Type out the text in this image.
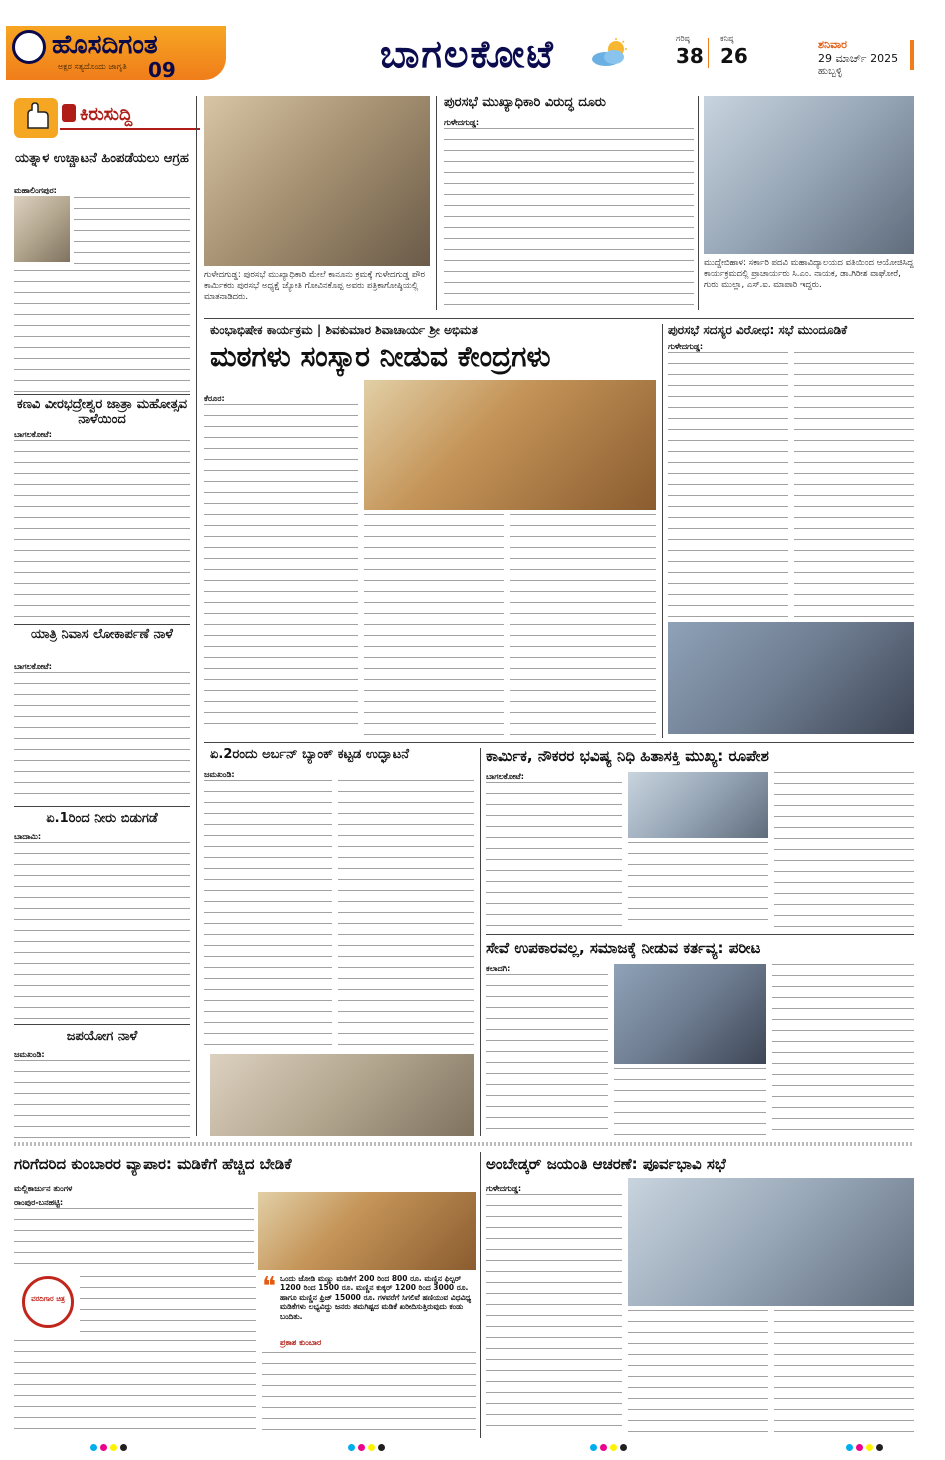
ಹೊಸದಿಗಂತ
ಅಕ್ಷರ ಸತ್ಯದೊಂದು ಜಾಗೃತಿ 09	ಬಾಗಲಕೋಟೆ	ಗರಿಷ್ಠ
38
ಕನಿಷ್ಠ
26	ಶನಿವಾರ
29 ಮಾರ್ಚ್ 2025
ಹುಬ್ಬಳ್ಳಿ
ಕಿರುಸುದ್ದಿ
ಯತ್ನಾಳ ಉಚ್ಚಾಟನೆ ಹಿಂಪಡೆಯಲು ಆಗ್ರಹ
ಮಹಾಲಿಂಗಪುರ:
ಕಣವಿ ವೀರಭದ್ರೇಶ್ವರ ಜಾತ್ರಾ ಮಹೋತ್ಸವ ನಾಳೆಯಿಂದ
ಬಾಗಲಕೋಟೆ:
ಯಾತ್ರಿ ನಿವಾಸ ಲೋಕಾರ್ಪಣೆ ನಾಳೆ
ಬಾಗಲಕೋಟೆ:
ಏ.1ರಿಂದ ನೀರು ಬಿಡುಗಡೆ
ಬಾದಾಮಿ:
ಜಪಯೋಗ ನಾಳೆ
ಜಮಖಂಡಿ:
ಗುಳೇದಗುಡ್ಡ: ಪುರಸಭೆ ಮುಖ್ಯಾಧಿಕಾರಿ ಮೇಲೆ ಕಾನೂನು ಕ್ರಮಕ್ಕೆ ಗುಳೇದಗುಡ್ಡ ಪೌರ ಕಾರ್ಮಿಕರು ಪುರಸಭೆ ಅಧ್ಯಕ್ಷೆ ಜ್ಯೋತಿ ಗೋವಿನಕೊಪ್ಪ ಅವರು ಪತ್ರಿಕಾಗೋಷ್ಠಿಯಲ್ಲಿ ಮಾತನಾಡಿದರು.
ಪುರಸಭೆ ಮುಖ್ಯಾಧಿಕಾರಿ ವಿರುದ್ಧ ದೂರು
ಗುಳೇದಗುಡ್ಡ:
ಮುದ್ದೇಬಿಹಾಳ: ಸರ್ಕಾರಿ ಪದವಿ ಮಹಾವಿದ್ಯಾಲಯದ ವತಿಯಿಂದ ಆಯೋಜಿಸಿದ್ದ ಕಾರ್ಯಕ್ರಮದಲ್ಲಿ ಪ್ರಾಚಾರ್ಯರು ಸಿ.ಎಂ. ನಾಯಕ, ಡಾ.ಗಿರೀಶ ವಾಘೋರೆ, ಗುರು ಮುಲ್ಲಾ, ಎಸ್.ಐ. ಮಾಪಾರಿ ಇದ್ದರು.
ಕುಂಭಾಭಿಷೇಕ ಕಾರ್ಯಕ್ರಮ | ಶಿವಕುಮಾರ ಶಿವಾಚಾರ್ಯ ಶ್ರೀ ಅಭಿಮತ
ಮಠಗಳು ಸಂಸ್ಕಾರ ನೀಡುವ ಕೇಂದ್ರಗಳು
ಕೆರೂರ:
ಪುರಸಭೆ ಸದಸ್ಯರ ವಿರೋಧ: ಸಭೆ ಮುಂದೂಡಿಕೆ
ಗುಳೇದಗುಡ್ಡ:
ಏ.2ರಂದು ಅರ್ಬನ್ ಬ್ಯಾಂಕ್ ಕಟ್ಟಡ ಉದ್ಘಾಟನೆ
ಜಮಖಂಡಿ:
ಕಾರ್ಮಿಕ, ನೌಕರರ ಭವಿಷ್ಯ ನಿಧಿ ಹಿತಾಸಕ್ತಿ ಮುಖ್ಯ: ರೂಪೇಶ
ಬಾಗಲಕೋಟೆ:
ಸೇವೆ ಉಪಕಾರವಲ್ಲ, ಸಮಾಜಕ್ಕೆ ನೀಡುವ ಕರ್ತವ್ಯ: ಪರೀಟ
ಕಲಾದಗಿ:
ಗರಿಗೆದರಿದ ಕುಂಬಾರರ ವ್ಯಾಪಾರ: ಮಡಿಕೆಗೆ ಹೆಚ್ಚಿದ ಬೇಡಿಕೆ
ಮಲ್ಲಿಕಾರ್ಜುನ ತುಂಗಳ
ರಾಂಪುರ-ಬನಹಟ್ಟಿ:
ವರದಿಗಾರ ಚಿತ್ರ	❝ ಒಂದು ಜೋಡಿ ಮಣ್ಣು ಮಡಿಕೆಗೆ 200 ರಿಂದ 800 ರೂ. ಮಣ್ಣಿನ ಫಿಲ್ಟರ್ 1200 ರಿಂದ 1500 ರೂ. ಮಣ್ಣಿನ ಕುಕ್ಕರ್ 1200 ರಿಂದ 3000 ರೂ. ಹಾಗೂ ಮಣ್ಣಿನ ಫ್ರಿಜ್ 15000 ರೂ. ಗಳವರೆಗೆ ಸಿಗಲಿವೆ ಹಣಿಯುವ ವಿಧವಿಧ್ಯ ಮಡಿಕೆಗಳು ಲಭ್ಯವಿದ್ದು ಜನರು ತಮಗಿಷ್ಟದ ಮಡಿಕೆ ಖರೀದಿಸುತ್ತಿರುವುದು ಕಂಡು ಬಂದಿತು.
ಪ್ರಕಾಶ ಕುಂಬಾರ
ಅಂಬೇಡ್ಕರ್ ಜಯಂತಿ ಆಚರಣೆ: ಪೂರ್ವಭಾವಿ ಸಭೆ
ಗುಳೇದಗುಡ್ಡ:
